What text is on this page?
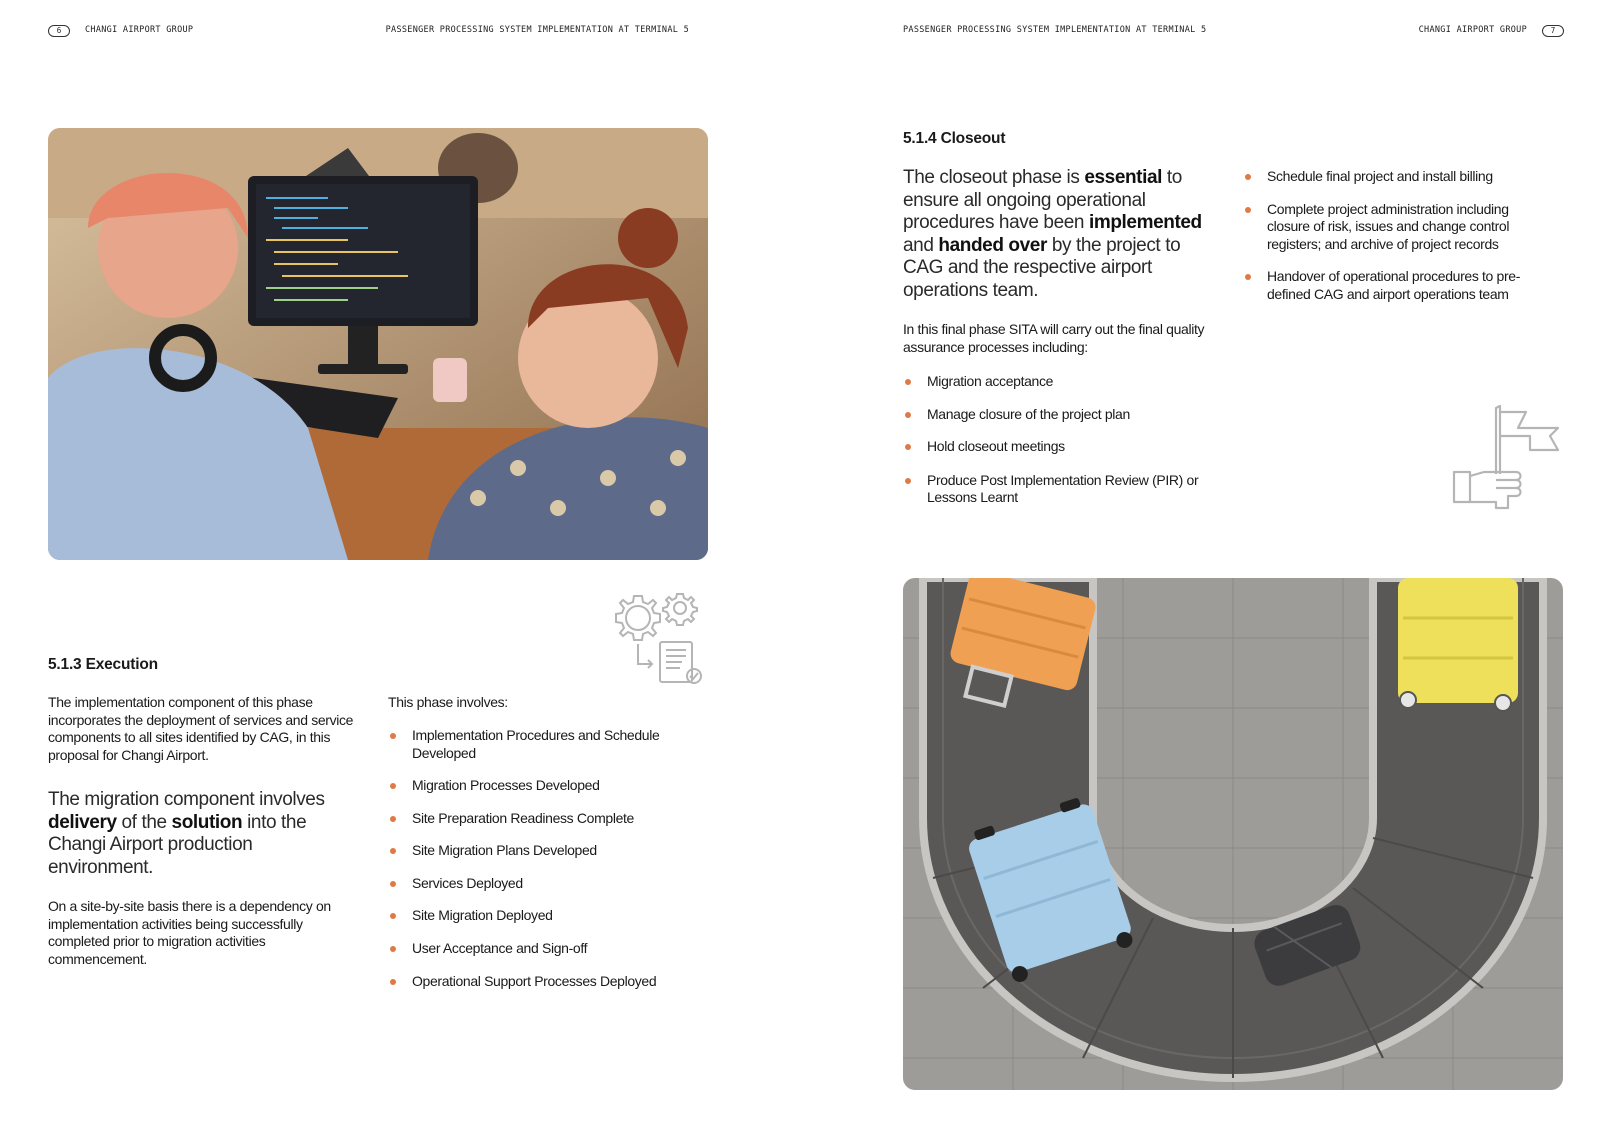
6	CHANGI AIRPORT GROUP	PASSENGER PROCESSING SYSTEM IMPLEMENTATION AT TERMINAL 5
5.1.3 Execution
The implementation component of this phase incorporates the deployment of services and service components to all sites identified by CAG, in this proposal for Changi Airport.
The migration component involves delivery of the solution into the Changi Airport production environment.
On a site-by-site basis there is a dependency on implementation activities being successfully completed prior to migration activities commencement.
This phase involves:
Implementation Procedures and Schedule Developed
Migration Processes Developed
Site Preparation Readiness Complete
Site Migration Plans Developed
Services Deployed
Site Migration Deployed
User Acceptance and Sign-off
Operational Support Processes Deployed
PASSENGER PROCESSING SYSTEM IMPLEMENTATION AT TERMINAL 5	CHANGI AIRPORT GROUP	7
5.1.4 Closeout
The closeout phase is essential to ensure all ongoing operational procedures have been implemented and handed over by the project to CAG and the respective airport operations team.
In this final phase SITA will carry out the final quality assurance processes including:
Migration acceptance
Manage closure of the project plan
Hold closeout meetings
Produce Post Implementation Review (PIR) or Lessons Learnt
Schedule final project and install billing
Complete project administration including closure of risk, issues and change control registers; and archive of project records
Handover of operational procedures to pre-defined CAG and airport operations team
